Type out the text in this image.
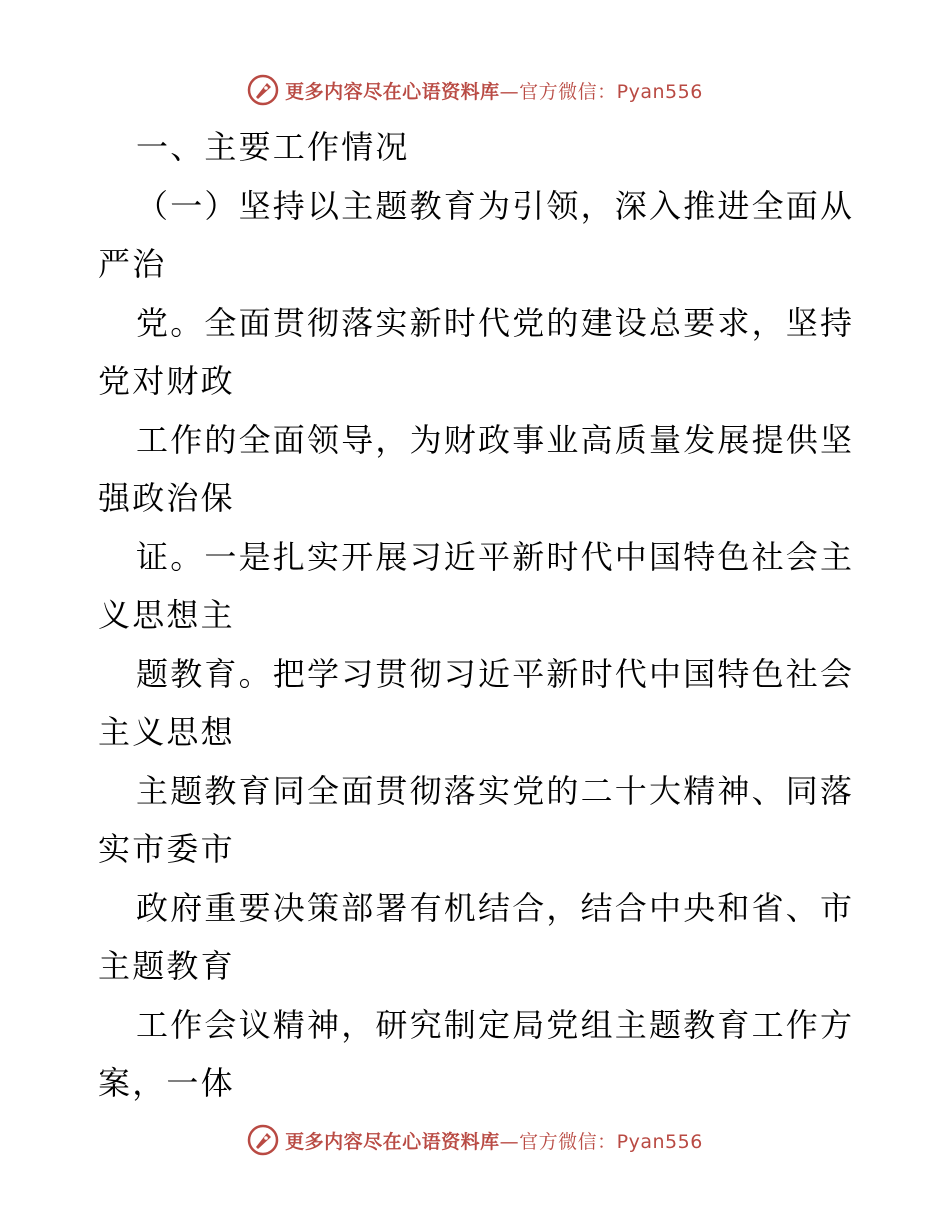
更多内容尽在心语资料库—官方微信：Pyan556
一、主要工作情况
（一）坚持以主题教育为引领，深入推进全面从
严治
党。全面贯彻落实新时代党的建设总要求，坚持
党对财政
工作的全面领导，为财政事业高质量发展提供坚
强政治保
证。一是扎实开展习近平新时代中国特色社会主
义思想主
题教育。把学习贯彻习近平新时代中国特色社会
主义思想
主题教育同全面贯彻落实党的二十大精神、同落
实市委市
政府重要决策部署有机结合，结合中央和省、市
主题教育
工作会议精神，研究制定局党组主题教育工作方
案，一体
更多内容尽在心语资料库—官方微信：Pyan556
